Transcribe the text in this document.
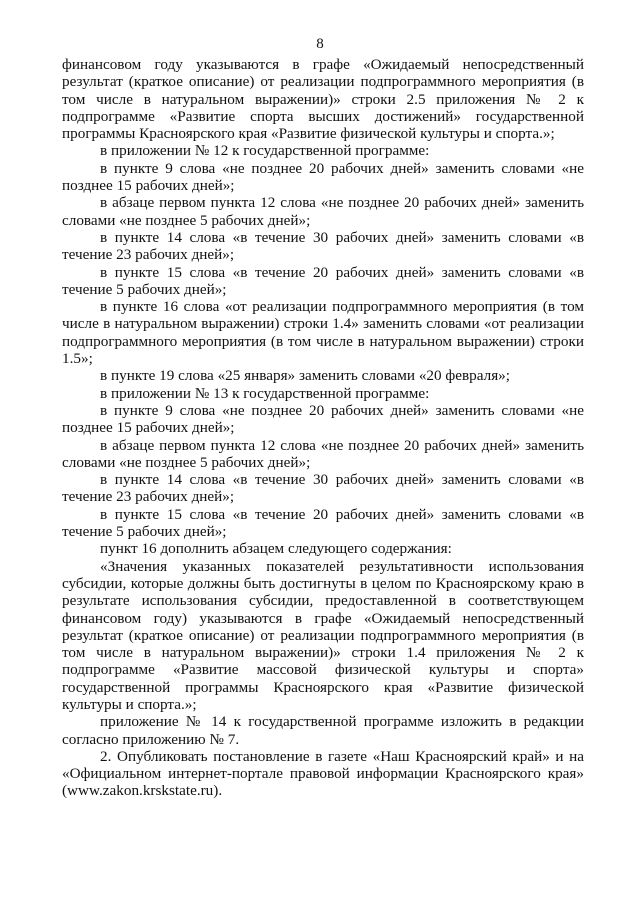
8

финансовом году указываются в графе «Ожидаемый непосредственный результат (краткое описание) от реализации подпрограммного мероприятия (в том числе в натуральном выражении)» строки 2.5 приложения № 2 к подпрограмме «Развитие спорта высших достижений» государственной программы Красноярского края «Развитие физической культуры и спорта.»;

в приложении № 12 к государственной программе:

в пункте 9 слова «не позднее 20 рабочих дней» заменить словами «не позднее 15 рабочих дней»;

в абзаце первом пункта 12 слова «не позднее 20 рабочих дней» заменить словами «не позднее 5 рабочих дней»;

в пункте 14 слова «в течение 30 рабочих дней» заменить словами «в течение 23 рабочих дней»;

в пункте 15 слова «в течение 20 рабочих дней» заменить словами «в течение 5 рабочих дней»;

в пункте 16 слова «от реализации подпрограммного мероприятия (в том числе в натуральном выражении) строки 1.4» заменить словами «от реализации подпрограммного мероприятия (в том числе в натуральном выражении) строки 1.5»;

в пункте 19 слова «25 января» заменить словами «20 февраля»;

в приложении № 13 к государственной программе:

в пункте 9 слова «не позднее 20 рабочих дней» заменить словами «не позднее 15 рабочих дней»;

в абзаце первом пункта 12 слова «не позднее 20 рабочих дней» заменить словами «не позднее 5 рабочих дней»;

в пункте 14 слова «в течение 30 рабочих дней» заменить словами «в течение 23 рабочих дней»;

в пункте 15 слова «в течение 20 рабочих дней» заменить словами «в течение 5 рабочих дней»;

пункт 16 дополнить абзацем следующего содержания:

«Значения указанных показателей результативности использования субсидии, которые должны быть достигнуты в целом по Красноярскому краю в результате использования субсидии, предоставленной в соответствующем финансовом году) указываются в графе «Ожидаемый непосредственный результат (краткое описание) от реализации подпрограммного мероприятия (в том числе в натуральном выражении)» строки 1.4 приложения № 2 к подпрограмме «Развитие массовой физической культуры и спорта» государственной программы Красноярского края «Развитие физической культуры и спорта.»;

приложение № 14 к государственной программе изложить в редакции согласно приложению № 7.

2. Опубликовать постановление в газете «Наш Красноярский край» и на «Официальном интернет-портале правовой информации Красноярского края» (www.zakon.krskstate.ru).
